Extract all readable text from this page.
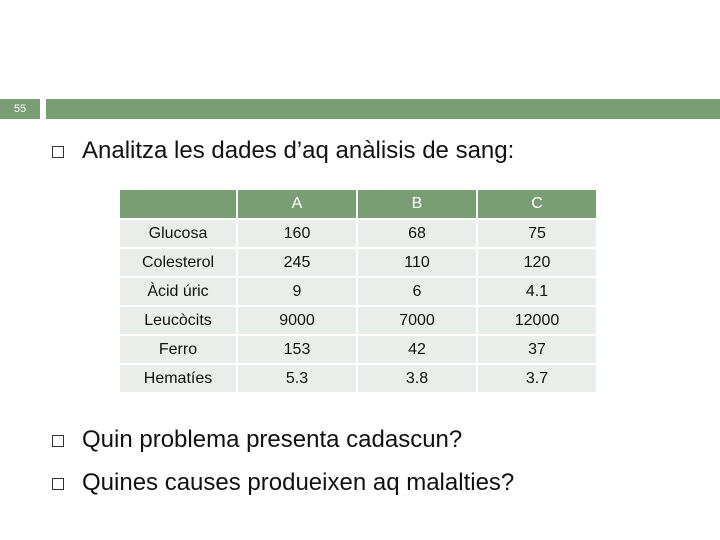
55
Analitza les dades d’aq anàlisis de sang:
	A	B	C
Glucosa	160	68	75
Colesterol	245	110	120
Àcid úric	9	6	4.1
Leucòcits	9000	7000	12000
Ferro	153	42	37
Hematíes	5.3	3.8	3.7
Quin problema presenta cadascun?
Quines causes produeixen aq malalties?
